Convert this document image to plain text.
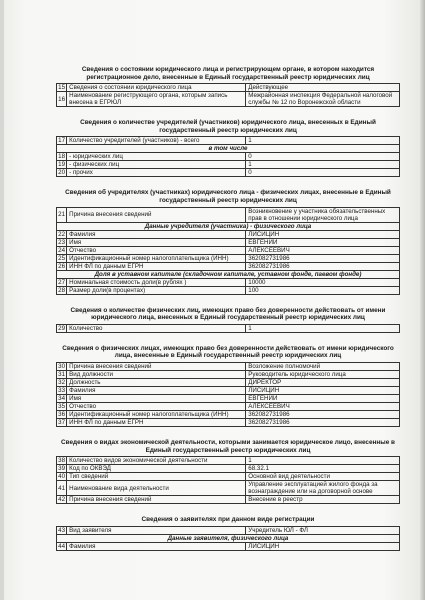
Сведения о состоянии юридического лица и регистрирующем органе, в котором находится регистрационное дело, внесенные в Единый государственный реестр юридических лиц
15	Сведения о состоянии юридического лица	Действующее
16	Наименование региструющего органа, которым запись внесена в ЕГРЮЛ	Межрайонная инспекция Федеральной налоговой службы № 12 по Воронежской области
Сведения о количестве учредителей (участников) юридического лица, внесенных в Единый государственный реестр юридических лиц
17	Количество учредителей (участников) - всего	1
в том числе		
18	- юридических лиц	0
19	- физических лиц	1
20	- прочих	0
Сведения об учредителях (участниках) юридического лица - физических лицах, внесенные в Единый государственный реестр юридических лиц
21	Причина внесения сведений	Возникновение у участника обязательственных прав в отношении юридического лица
Данные учредителя (участника) - физического лица		
22	Фамилия	ЛИСИЦИН
23	Имя	ЕВГЕНИЙ
24	Отчество	АЛЕКСЕЕВИЧ
25	Идентификационный номер налогоплательщика (ИНН)	362082731986
26	ИНН ФЛ по данным ЕГРН	362082731986
Доля в уставном капитале (складочном капитале, уставном фонде, паевом фонде)		
27	Номинальная стоимость доли(в рублях )	10000
28	Размер доли(в процентах)	100
Сведения о количестве физических лиц, имеющих право без доверенности действовать от имени юридического лица, внесенных в Единый государственный реестр юридических лиц
29	Количество	1
Сведения о физических лицах, имеющих право без доверенности действовать от имени юридического лица, внесенные в Единый государственный реестр юридических лиц
30	Причина внесения сведений	Возложение полномочий
31	Вид должности	Руководитель юридического лица
32	Должность	ДИРЕКТОР
33	Фамилия	ЛИСИЦИН
34	Имя	ЕВГЕНИЙ
35	Отчество	АЛЕКСЕЕВИЧ
36	Идентификационный номер налогоплательщика (ИНН)	362082731986
37	ИНН ФЛ по данным ЕГРН	362082731986
Сведения о видах экономической деятельности, которыми занимается юридическое лицо, внесенные в Единый государственный реестр юридических лиц
38	Количество видов экономической деятельности	1
39	Код по ОКВЭД	68.32.1
40	Тип сведений	Основной вид деятельности
41	Наименование вида деятельности	Управление эксплуатацией жилого фонда за вознаграждение или на договорной основе
42	Причина внесения сведений	Внесение в реестр
Сведения о заявителях при данном виде регистрации
43	Вид заявителя	Учредитель ЮЛ - ФЛ
Данные заявителя, физического лица		
44	Фамилия	ЛИСИЦИН
